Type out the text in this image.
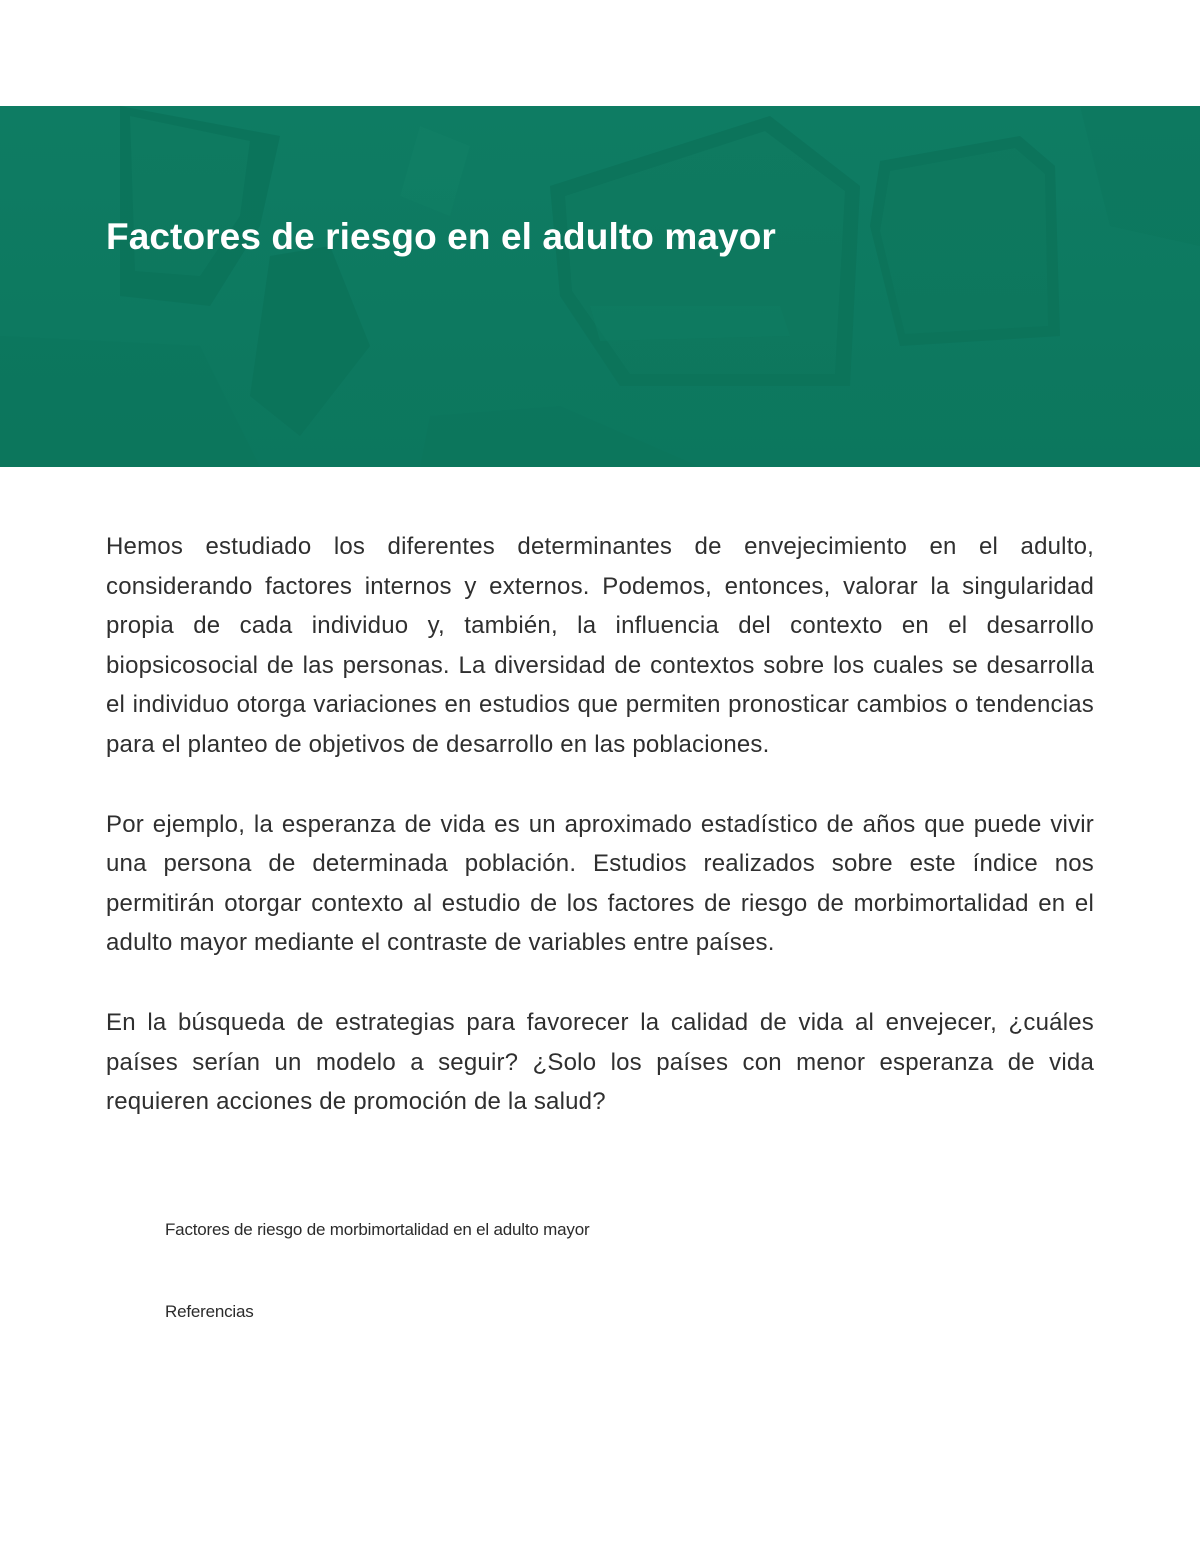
Factores de riesgo en el adulto mayor

Hemos estudiado los diferentes determinantes de envejecimiento en el adulto, considerando factores internos y externos. Podemos, entonces, valorar la singularidad propia de cada individuo y, también, la influencia del contexto en el desarrollo biopsicosocial de las personas. La diversidad de contextos sobre los cuales se desarrolla el individuo otorga variaciones en estudios que permiten pronosticar cambios o tendencias para el planteo de objetivos de desarrollo en las poblaciones.

Por ejemplo, la esperanza de vida es un aproximado estadístico de años que puede vivir una persona de determinada población. Estudios realizados sobre este índice nos permitirán otorgar contexto al estudio de los factores de riesgo de morbimortalidad en el adulto mayor mediante el contraste de variables entre países.

En la búsqueda de estrategias para favorecer la calidad de vida al envejecer, ¿cuáles países serían un modelo a seguir? ¿Solo los países con menor esperanza de vida requieren acciones de promoción de la salud?

Factores de riesgo de morbimortalidad en el adulto mayor
Referencias
